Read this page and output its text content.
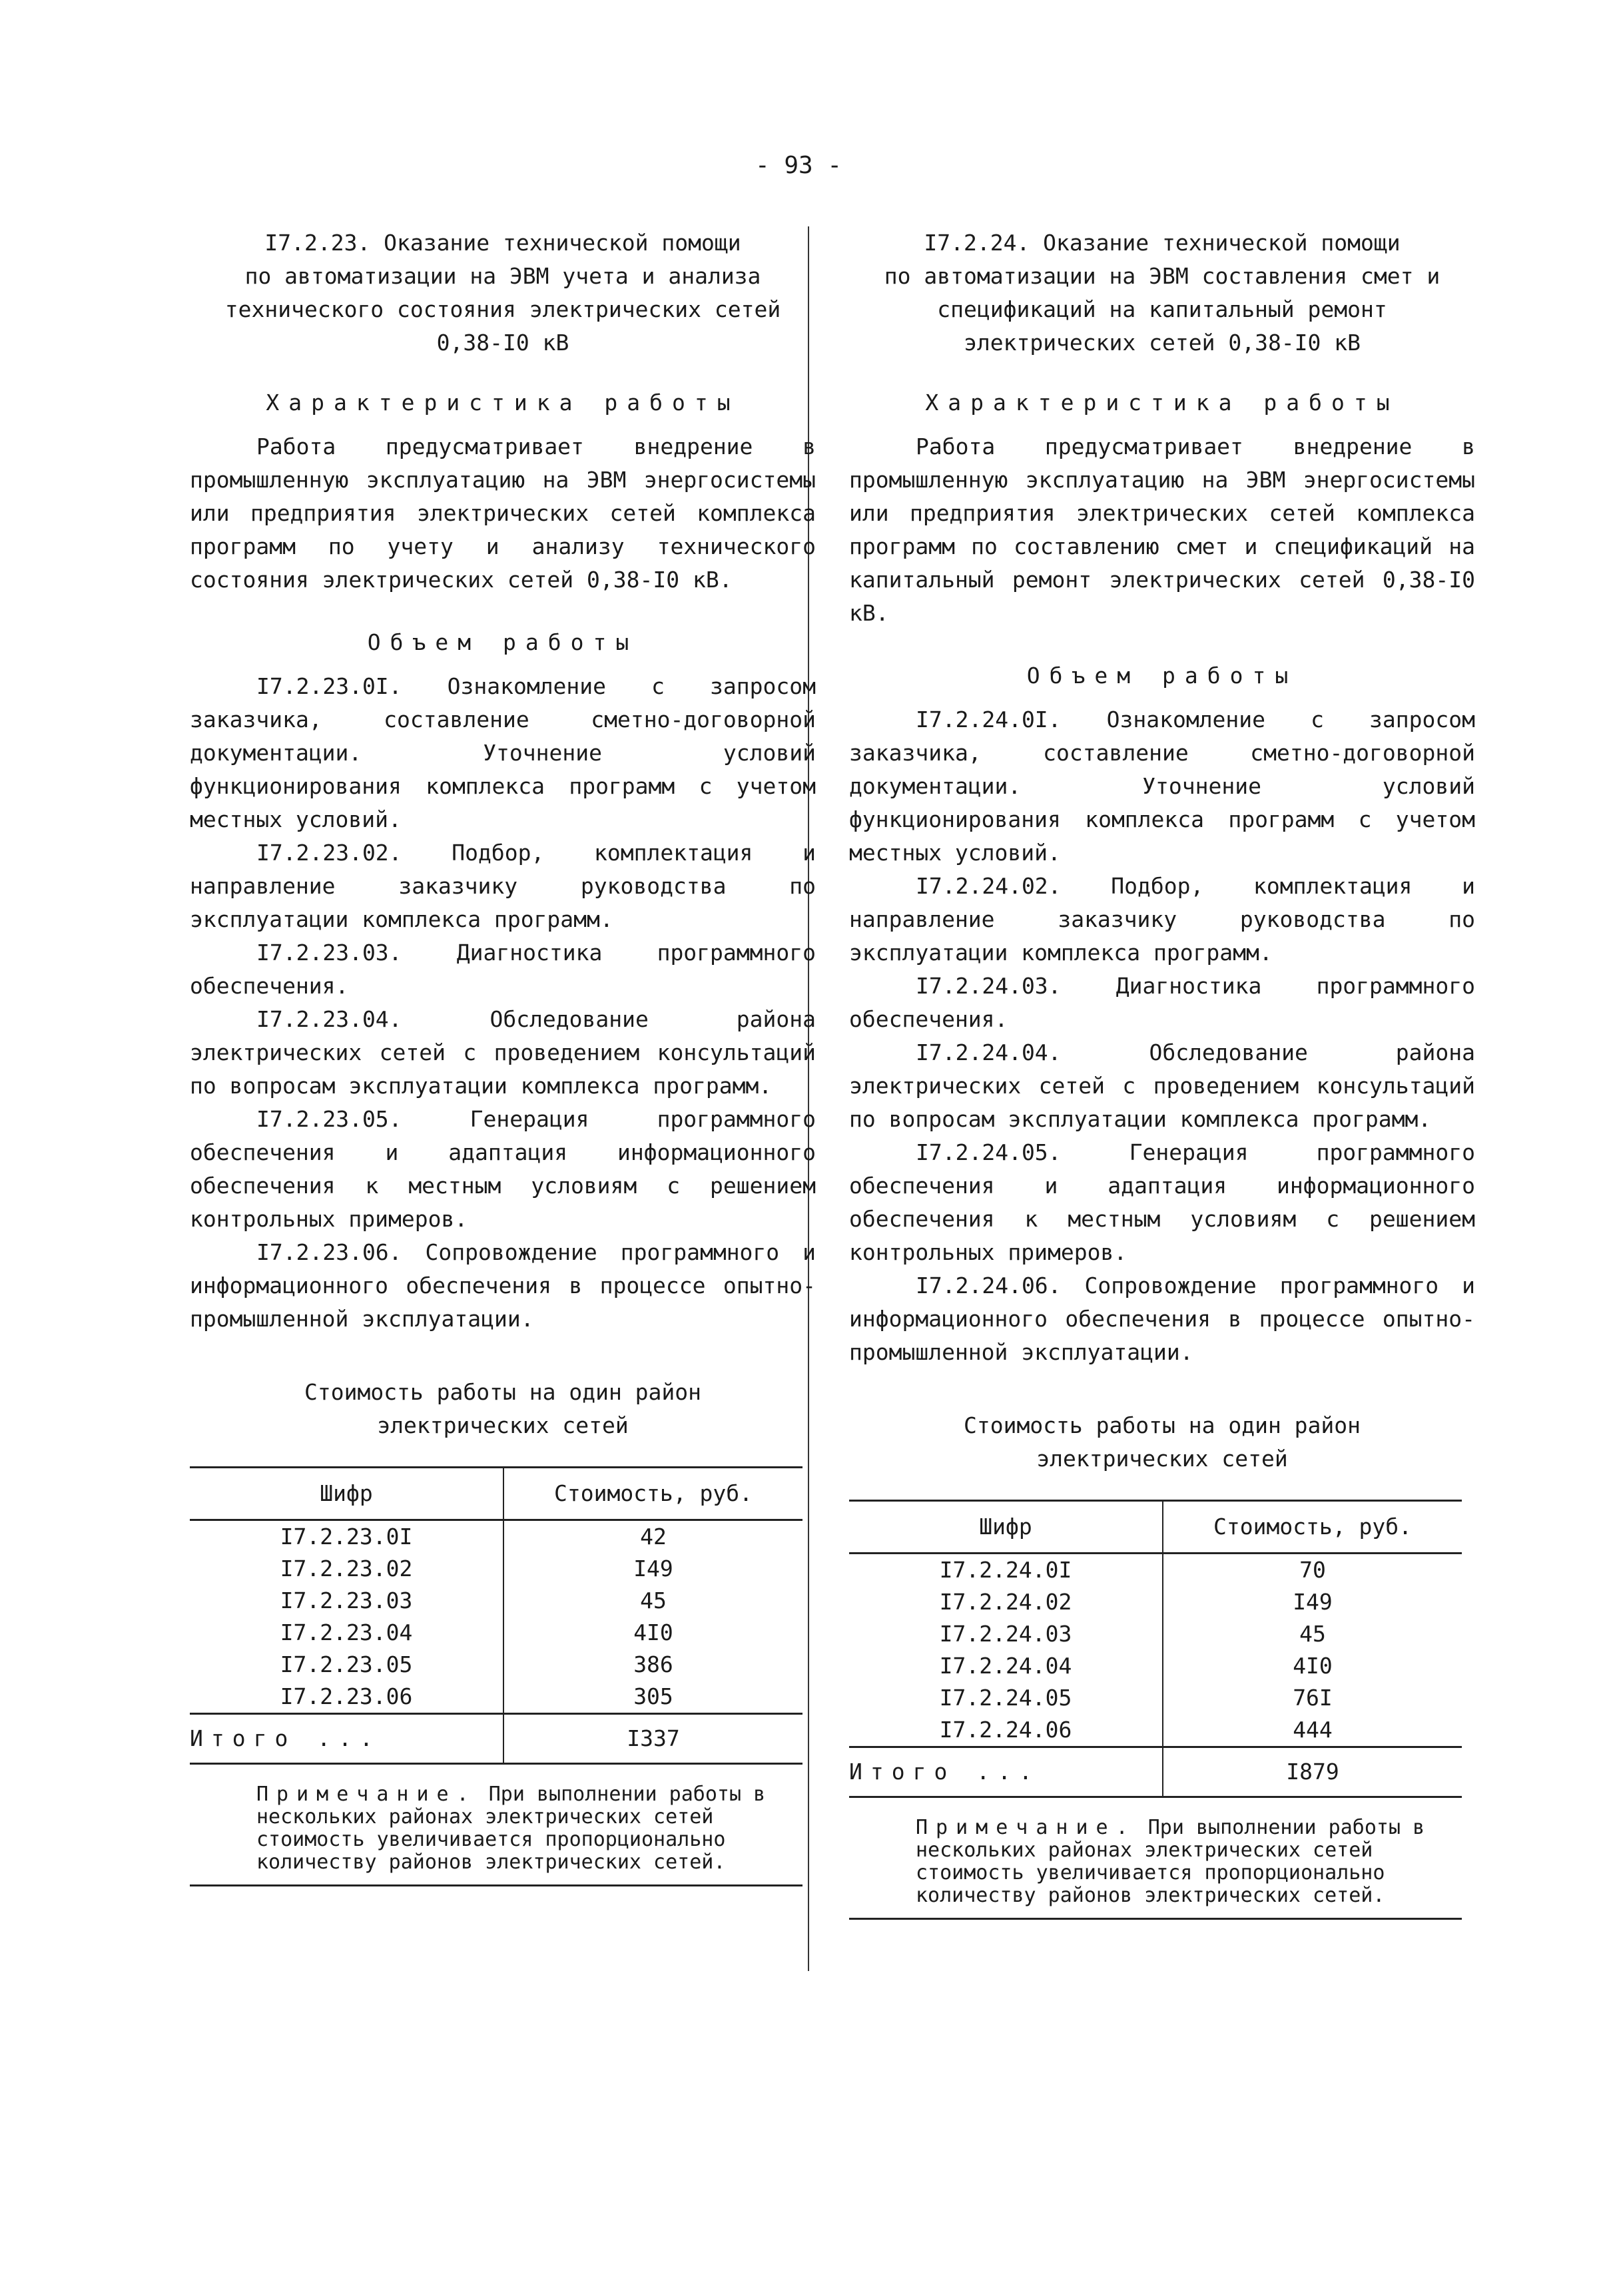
- 93 -
I7.2.23. Оказание технической помощи
по автоматизации на ЭВМ учета и анализа
технического состояния электрических сетей
0,38-I0 кВ
Характеристика работы

Работа предусматривает внедрение в промышленную эксплуатацию на ЭВМ энергосистемы или предприятия электрических сетей комплекса программ по учету и анализу технического состояния электрических сетей 0,38-I0 кВ.

Объем работы

I7.2.23.0I. Ознакомление с запросом заказчика, составление сметно-договорной документации. Уточнение условий функционирования комплекса программ с учетом местных условий.

I7.2.23.02. Подбор, комплектация и направление заказчику руководства по эксплуатации комплекса программ.

I7.2.23.03. Диагностика программного обеспечения.

I7.2.23.04. Обследование района электрических сетей с проведением консультаций по вопросам эксплуатации комплекса программ.

I7.2.23.05. Генерация программного обеспечения и адаптация информационного обеспечения к местным условиям с решением контрольных примеров.

I7.2.23.06. Сопровождение программного и информационного обеспечения в процессе опытно-промышленной эксплуатации.

Стоимость работы на один район
электрических сетей
Шифр	Стоимость, руб.
I7.2.23.0I	42
I7.2.23.02	I49
I7.2.23.03	45
I7.2.23.04	4I0
I7.2.23.05	386
I7.2.23.06	305
Итого ...	I337
Примечание. При выполнении работы в нескольких районах электрических сетей стоимость увеличивается пропорционально количеству районов электрических сетей.
I7.2.24. Оказание технической помощи
по автоматизации на ЭВМ составления смет и
спецификаций на капитальный ремонт
электрических сетей 0,38-I0 кВ
Характеристика работы

Работа предусматривает внедрение в промышленную эксплуатацию на ЭВМ энергосистемы или предприятия электрических сетей комплекса программ по составлению смет и спецификаций на капитальный ремонт электрических сетей 0,38-I0 кВ.

Объем работы

I7.2.24.0I. Ознакомление с запросом заказчика, составление сметно-договорной документации. Уточнение условий функционирования комплекса программ с учетом местных условий.

I7.2.24.02. Подбор, комплектация и направление заказчику руководства по эксплуатации комплекса программ.

I7.2.24.03. Диагностика программного обеспечения.

I7.2.24.04. Обследование района электрических сетей с проведением консультаций по вопросам эксплуатации комплекса программ.

I7.2.24.05. Генерация программного обеспечения и адаптация информационного обеспечения к местным условиям с решением контрольных примеров.

I7.2.24.06. Сопровождение программного и информационного обеспечения в процессе опытно-промышленной эксплуатации.

Стоимость работы на один район
электрических сетей
Шифр	Стоимость, руб.
I7.2.24.0I	70
I7.2.24.02	I49
I7.2.24.03	45
I7.2.24.04	4I0
I7.2.24.05	76I
I7.2.24.06	444
Итого ...	I879
Примечание. При выполнении работы в нескольких районах электрических сетей стоимость увеличивается пропорционально количеству районов электрических сетей.
